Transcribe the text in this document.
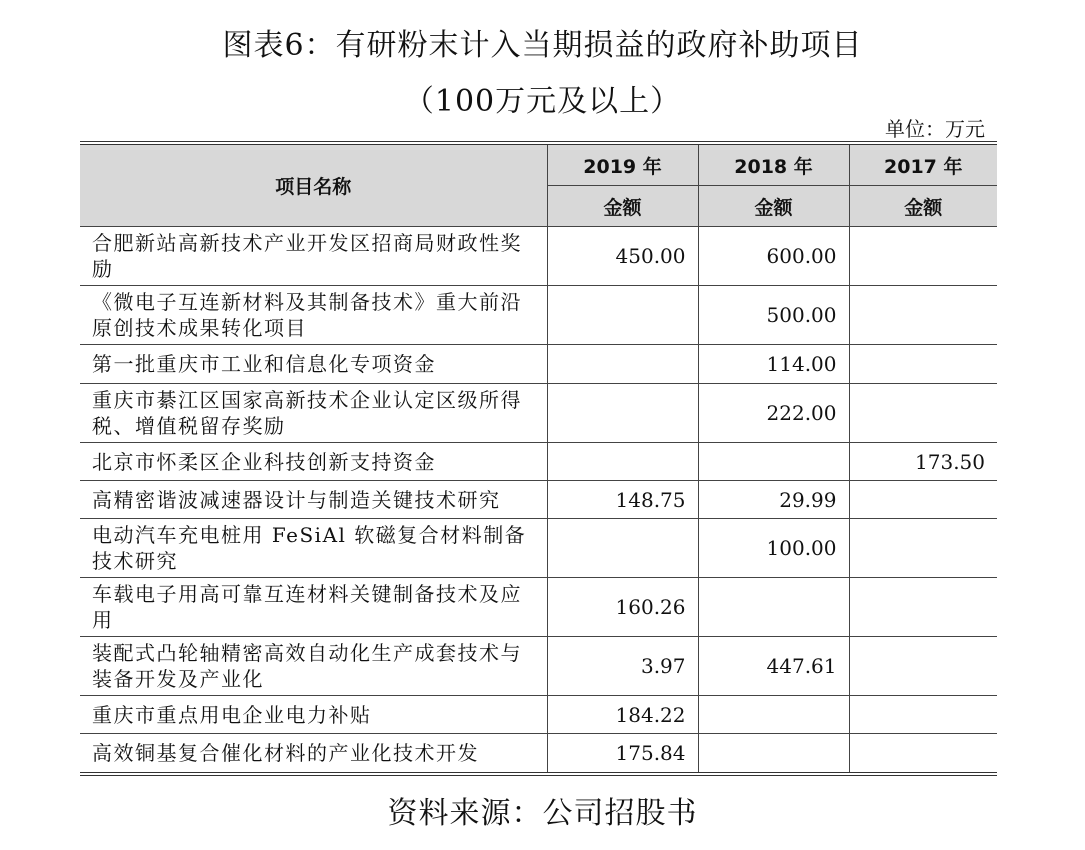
图表6：有研粉末计入当期损益的政府补助项目
（100万元及以上）
单位：万元
项目名称	2019 年	2018 年	2017 年
	金额	金额	金额
合肥新站高新技术产业开发区招商局财政性奖励	450.00	600.00	
《微电子互连新材料及其制备技术》重大前沿原创技术成果转化项目		500.00	
第一批重庆市工业和信息化专项资金		114.00	
重庆市綦江区国家高新技术企业认定区级所得税、增值税留存奖励		222.00	
北京市怀柔区企业科技创新支持资金			173.50
高精密谐波减速器设计与制造关键技术研究	148.75	29.99	
电动汽车充电桩用 FeSiAl 软磁复合材料制备技术研究		100.00	
车载电子用高可靠互连材料关键制备技术及应用	160.26		
装配式凸轮轴精密高效自动化生产成套技术与装备开发及产业化	3.97	447.61	
重庆市重点用电企业电力补贴	184.22		
高效铜基复合催化材料的产业化技术开发	175.84		
资料来源：公司招股书
